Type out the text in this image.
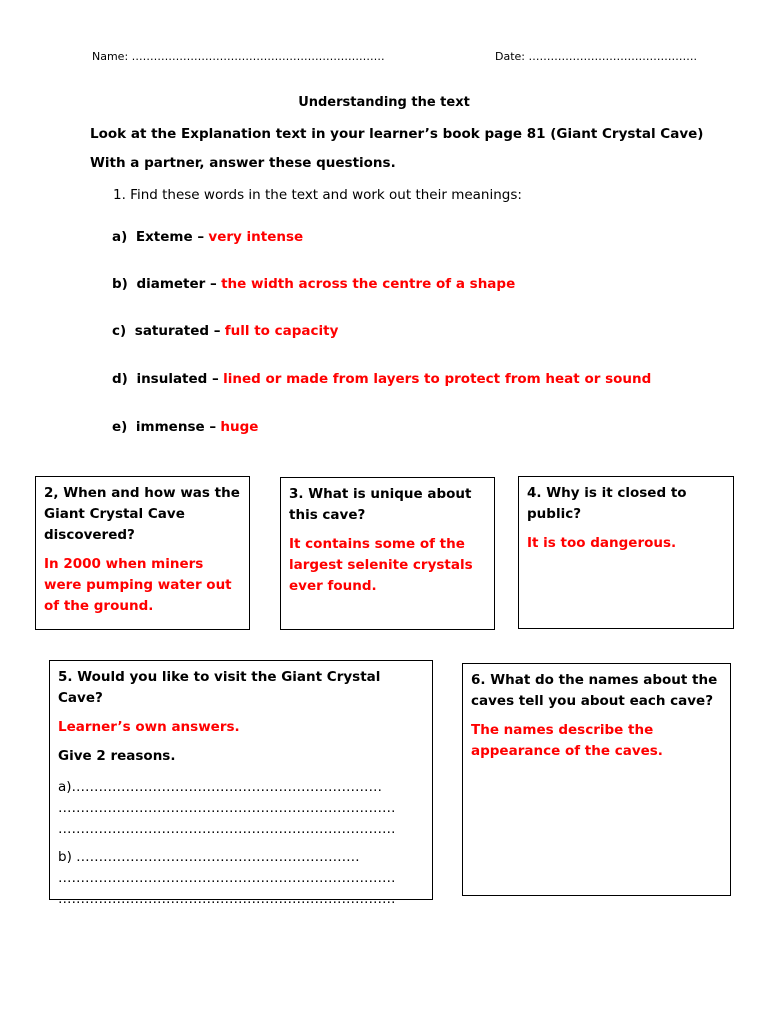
Name: ……………………………………………………………	Date: ……………………………………….
Understanding the text
Look at the Explanation text in your learner’s book page 81 (Giant Crystal Cave)
With a partner, answer these questions.
1. Find these words in the text and work out their meanings:
a) Exteme – very intense
b) diameter – the width across the centre of a shape
c) saturated – full to capacity
d) insulated – lined or made from layers to protect from heat or sound
e) immense – huge

2, When and how was the Giant Crystal Cave discovered?

In 2000 when miners were pumping water out of the ground.

3. What is unique about this cave?

It contains some of the largest selenite crystals ever found.

4. Why is it closed to public?

It is too dangerous.

5. Would you like to visit the Giant Crystal Cave?

Learner’s own answers.

Give 2 reasons.

a)……………………………………………………………
…………………………………………………………………
…………………………………………………………………
b) ………………………………………………………
…………………………………………………………………
…………………………………………………………………

6. What do the names about the caves tell you about each cave?

The names describe the appearance of the caves.
